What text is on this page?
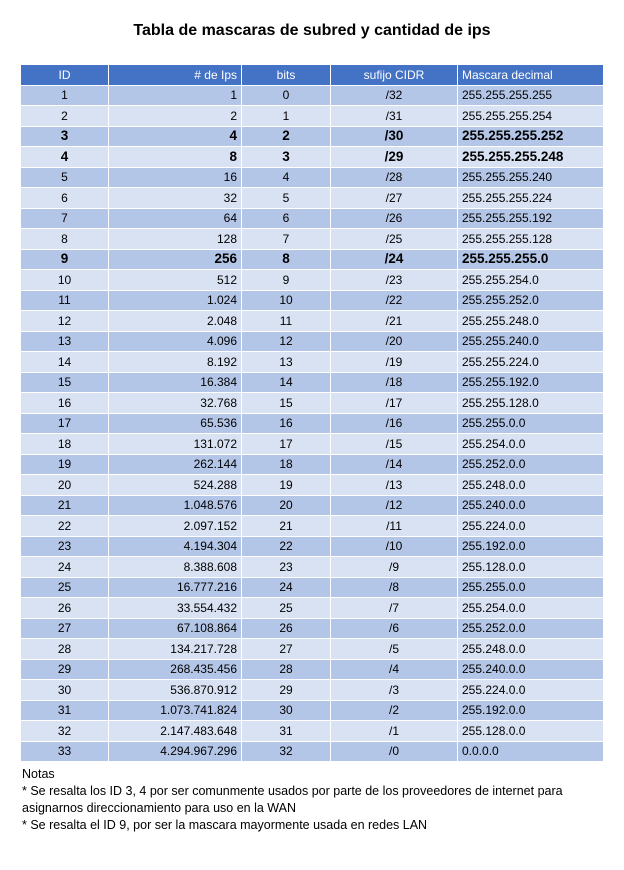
Tabla de mascaras de subred y cantidad de ips
ID	# de Ips	bits	sufijo CIDR	Mascara decimal
1	1	0	/32	255.255.255.255
2	2	1	/31	255.255.255.254
3	4	2	/30	255.255.255.252
4	8	3	/29	255.255.255.248
5	16	4	/28	255.255.255.240
6	32	5	/27	255.255.255.224
7	64	6	/26	255.255.255.192
8	128	7	/25	255.255.255.128
9	256	8	/24	255.255.255.0
10	512	9	/23	255.255.254.0
11	1.024	10	/22	255.255.252.0
12	2.048	11	/21	255.255.248.0
13	4.096	12	/20	255.255.240.0
14	8.192	13	/19	255.255.224.0
15	16.384	14	/18	255.255.192.0
16	32.768	15	/17	255.255.128.0
17	65.536	16	/16	255.255.0.0
18	131.072	17	/15	255.254.0.0
19	262.144	18	/14	255.252.0.0
20	524.288	19	/13	255.248.0.0
21	1.048.576	20	/12	255.240.0.0
22	2.097.152	21	/11	255.224.0.0
23	4.194.304	22	/10	255.192.0.0
24	8.388.608	23	/9	255.128.0.0
25	16.777.216	24	/8	255.255.0.0
26	33.554.432	25	/7	255.254.0.0
27	67.108.864	26	/6	255.252.0.0
28	134.217.728	27	/5	255.248.0.0
29	268.435.456	28	/4	255.240.0.0
30	536.870.912	29	/3	255.224.0.0
31	1.073.741.824	30	/2	255.192.0.0
32	2.147.483.648	31	/1	255.128.0.0
33	4.294.967.296	32	/0	0.0.0.0

Notas

* Se resalta los ID 3, 4 por ser comunmente usados por parte de los proveedores de internet para asignarnos direccionamiento para uso en la WAN

* Se resalta el ID 9, por ser la mascara mayormente usada en redes LAN
